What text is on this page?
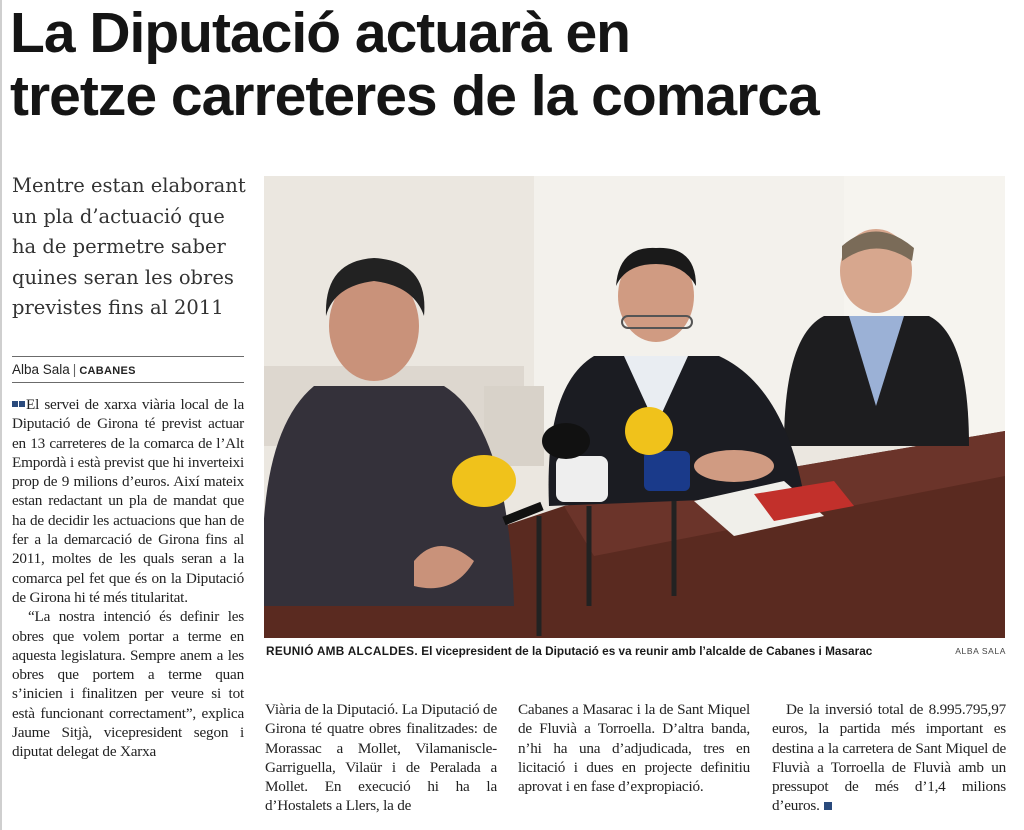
La Diputació actuarà en
tretze carreteres de la comarca

Mentre estan elaborant un pla d’actuació que ha de permetre saber quines seran les obres previstes fins al 2011

Alba Sala | CABANES

El servei de xarxa viària local de la Diputació de Girona té previst actuar en 13 carreteres de la comarca de l’Alt Empordà i està previst que hi inverteixi prop de 9 milions d’euros. Així mateix estan redactant un pla de mandat que ha de decidir les actuacions que han de fer a la demarcació de Girona fins al 2011, moltes de les quals seran a la comarca pel fet que és on la Diputació de Girona hi té més titularitat.

“La nostra intenció és definir les obres que volem portar a terme en aquesta legislatura. Sempre anem a les obres que portem a terme quan s’inicien i finalitzen per veure si tot està funcionant correctament”, explica Jaume Sitjà, vicepresident segon i diputat delegat de Xarxa

REUNIÓ AMB ALCALDES. El vicepresident de la Diputació es va reunir amb l’alcalde de Cabanes i Masarac	ALBA SALA

Viària de la Diputació. La Diputació de Girona té quatre obres finalitzades: de Morassac a Mollet, Vilamaniscle-Garriguella, Vilaür i de Peralada a Mollet. En execució hi ha la d’Hostalets a Llers, la de

Cabanes a Masarac i la de Sant Miquel de Fluvià a Torroella. D’altra banda, n’hi ha una d’adjudicada, tres en licitació i dues en projecte definitiu aprovat i en fase d’expropiació.

De la inversió total de 8.995.795,97 euros, la partida més important es destina a la carretera de Sant Miquel de Fluvià a Torroella de Fluvià amb un pressupot de més d’1,4 milions d’euros.
